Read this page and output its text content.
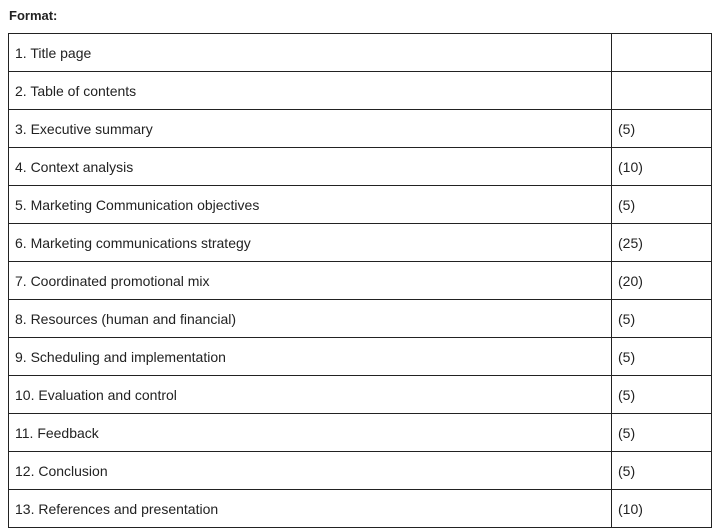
Format:
1. Title page	
2. Table of contents	
3. Executive summary	(5)
4. Context analysis	(10)
5. Marketing Communication objectives	(5)
6. Marketing communications strategy	(25)
7. Coordinated promotional mix	(20)
8. Resources (human and financial)	(5)
9. Scheduling and implementation	(5)
10. Evaluation and control	(5)
11. Feedback	(5)
12. Conclusion	(5)
13. References and presentation	(10)
